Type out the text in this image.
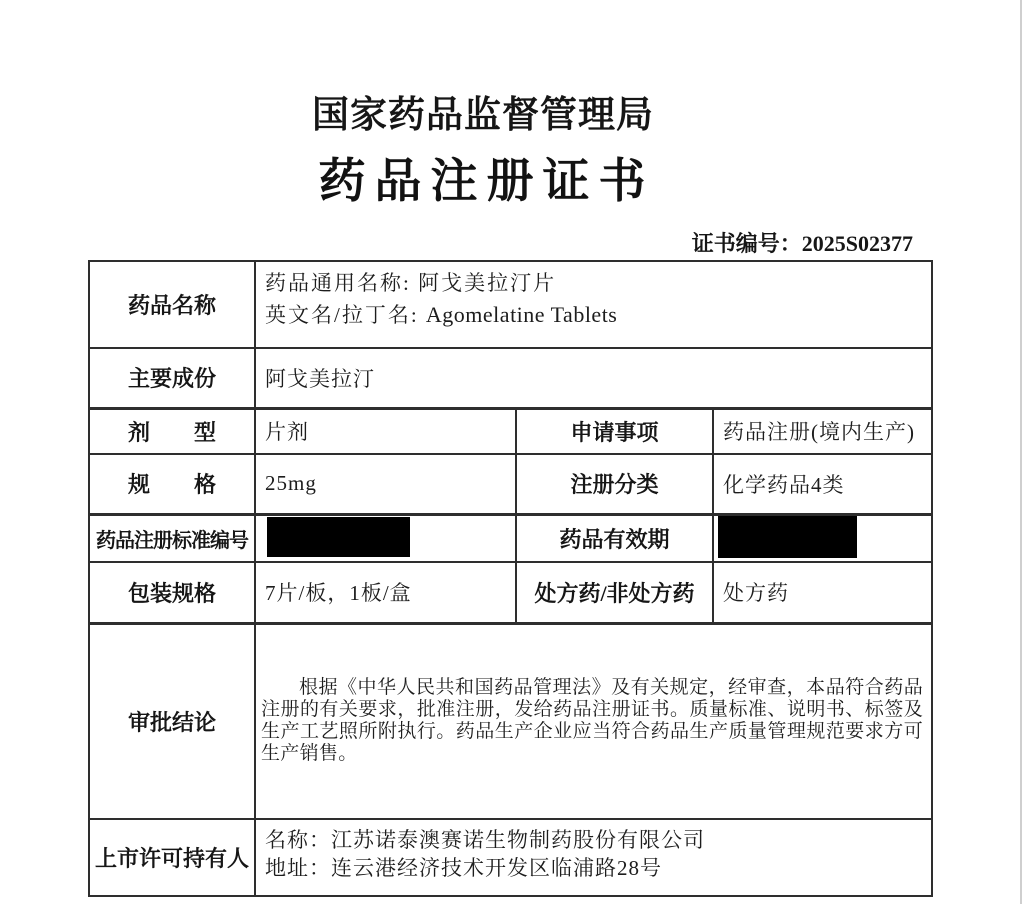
国家药品监督管理局
药品注册证书
证书编号：2025S02377
药品名称	药品通用名称: 阿戈美拉汀片
英文名/拉丁名: Agomelatine Tablets		

主要成份	阿戈美拉汀		
剂　　型	片剂	申请事项	药品注册(境内生产)
规　　格	25mg	注册分类	化学药品4类
药品注册标准编号		药品有效期	

包装规格	7片/板，1板/盒	处方药/非处方药	处方药
审批结论	根据《中华人民共和国药品管理法》及有关规定，经审查，本品符合药品注册的有关要求，批准注册，发给药品注册证书。质量标准、说明书、标签及生产工艺照所附执行。药品生产企业应当符合药品生产质量管理规范要求方可生产销售。		

上市许可持有人	名称：江苏诺泰澳赛诺生物制药股份有限公司
地址：连云港经济技术开发区临浦路28号		
